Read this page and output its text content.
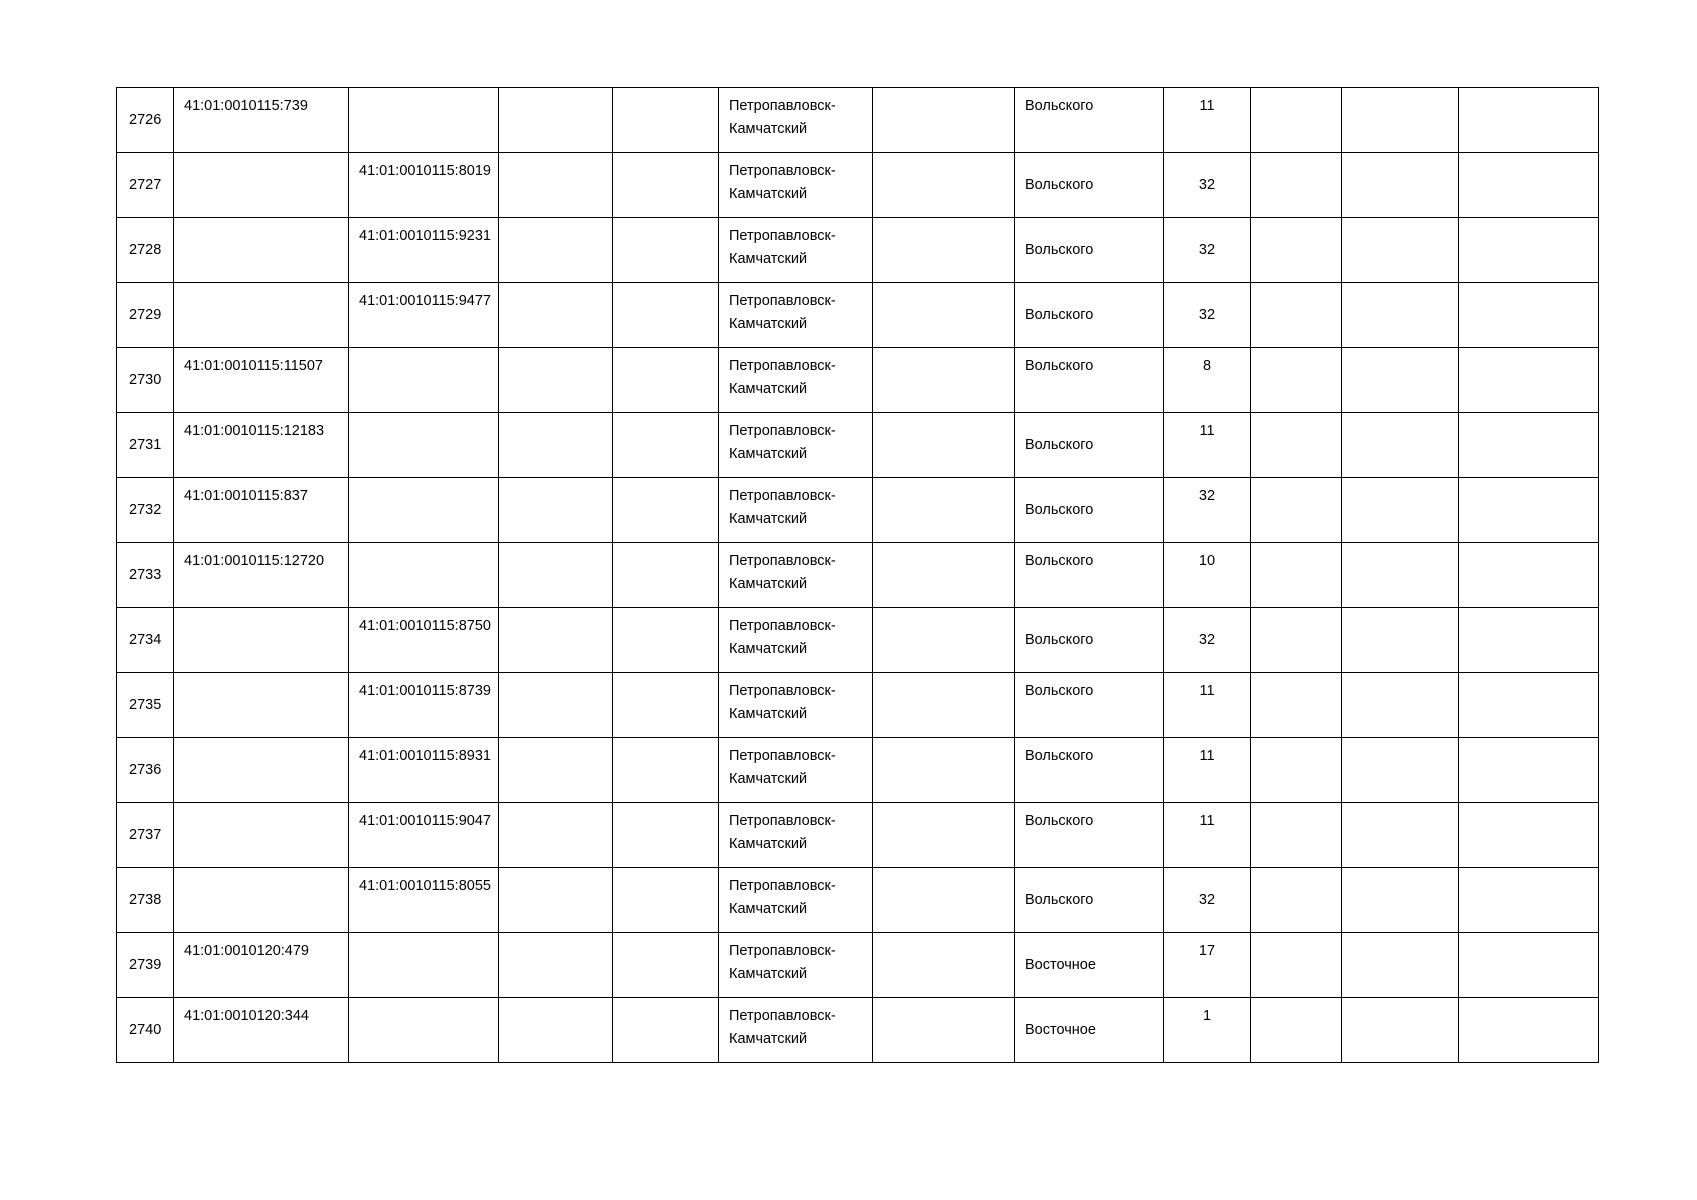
2726	41:01:0010115:739				Петропавловск-Камчатский		Вольского	11			
2727		41:01:0010115:8019			Петропавловск-Камчатский		Вольского	32			
2728		41:01:0010115:9231			Петропавловск-Камчатский		Вольского	32			
2729		41:01:0010115:9477			Петропавловск-Камчатский		Вольского	32			
2730	41:01:0010115:11507				Петропавловск-Камчатский		Вольского	8			
2731	41:01:0010115:12183				Петропавловск-Камчатский		Вольского	11			
2732	41:01:0010115:837				Петропавловск-Камчатский		Вольского	32			
2733	41:01:0010115:12720				Петропавловск-Камчатский		Вольского	10			
2734		41:01:0010115:8750			Петропавловск-Камчатский		Вольского	32			
2735		41:01:0010115:8739			Петропавловск-Камчатский		Вольского	11			
2736		41:01:0010115:8931			Петропавловск-Камчатский		Вольского	11			
2737		41:01:0010115:9047			Петропавловск-Камчатский		Вольского	11			
2738		41:01:0010115:8055			Петропавловск-Камчатский		Вольского	32			
2739	41:01:0010120:479				Петропавловск-Камчатский		Восточное	17			
2740	41:01:0010120:344				Петропавловск-Камчатский		Восточное	1			
